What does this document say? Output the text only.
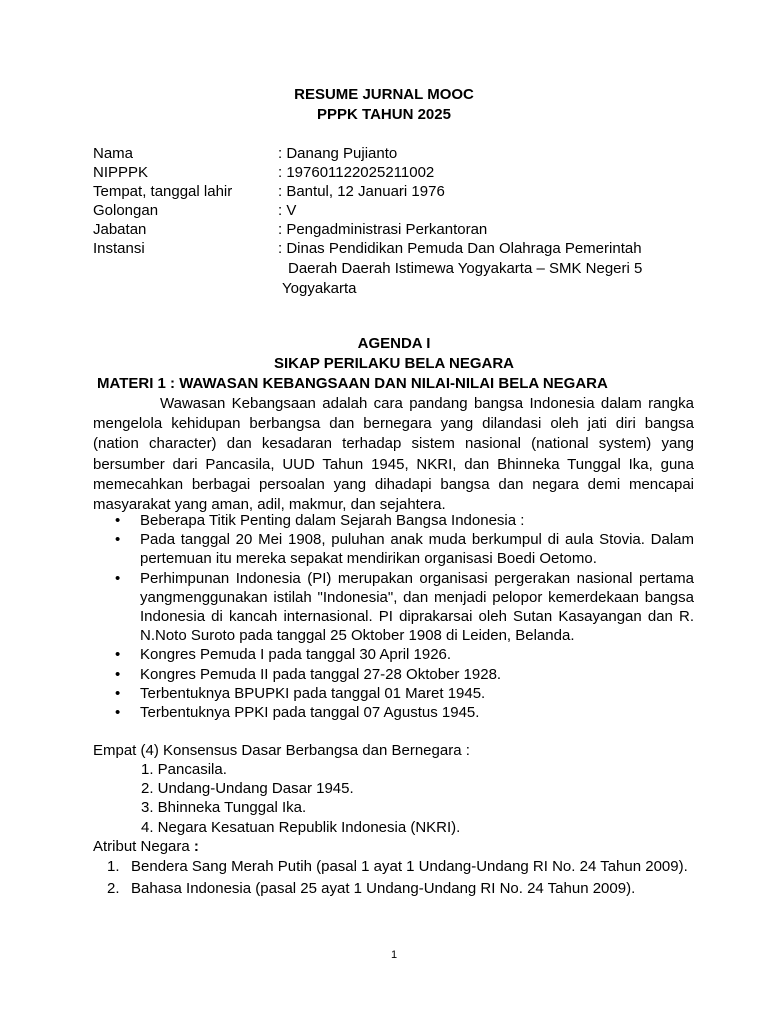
RESUME JURNAL MOOC
PPPK TAHUN 2025
Nama	: Danang Pujianto
NIPPPK	: 197601122025211002
Tempat, tanggal lahir	: Bantul, 12 Januari 1976
Golongan	: V
Jabatan	: Pengadministrasi Perkantoran
Instansi	: Dinas Pendidikan Pemuda Dan Olahraga Pemerintah
Daerah Daerah Istimewa Yogyakarta – SMK Negeri 5
Yogyakarta
AGENDA I
SIKAP PERILAKU BELA NEGARA
MATERI 1 : WAWASAN KEBANGSAAN DAN NILAI-NILAI BELA NEGARA

Wawasan Kebangsaan adalah cara pandang bangsa Indonesia dalam rangka mengelola kehidupan berbangsa dan bernegara yang dilandasi oleh jati diri bangsa (nation character) dan kesadaran terhadap sistem nasional (national system) yang bersumber dari Pancasila, UUD Tahun 1945, NKRI, dan Bhinneka Tunggal Ika, guna memecahkan berbagai persoalan yang dihadapi bangsa dan negara demi mencapai masyarakat yang aman, adil, makmur, dan sejahtera.

• Beberapa Titik Penting dalam Sejarah Bangsa Indonesia :
• Pada tanggal 20 Mei 1908, puluhan anak muda berkumpul di aula Stovia. Dalam pertemuan itu mereka sepakat mendirikan organisasi Boedi Oetomo.
• Perhimpunan Indonesia (PI) merupakan organisasi pergerakan nasional pertama yangmenggunakan istilah "Indonesia", dan menjadi pelopor kemerdekaan bangsa Indonesia di kancah internasional. PI diprakarsai oleh Sutan Kasayangan dan R. N.Noto Suroto pada tanggal 25 Oktober 1908 di Leiden, Belanda.
• Kongres Pemuda I pada tanggal 30 April 1926.
• Kongres Pemuda II pada tanggal 27-28 Oktober 1928.
• Terbentuknya BPUPKI pada tanggal 01 Maret 1945.
• Terbentuknya PPKI pada tanggal 07 Agustus 1945.
Empat (4) Konsensus Dasar Berbangsa dan Bernegara :
1. Pancasila.
2. Undang-Undang Dasar 1945.
3. Bhinneka Tunggal Ika.
4. Negara Kesatuan Republik Indonesia (NKRI).
Atribut Negara :
1. Bendera Sang Merah Putih (pasal 1 ayat 1 Undang-Undang RI No. 24 Tahun 2009).
2. Bahasa Indonesia (pasal 25 ayat 1 Undang-Undang RI No. 24 Tahun 2009).
1
